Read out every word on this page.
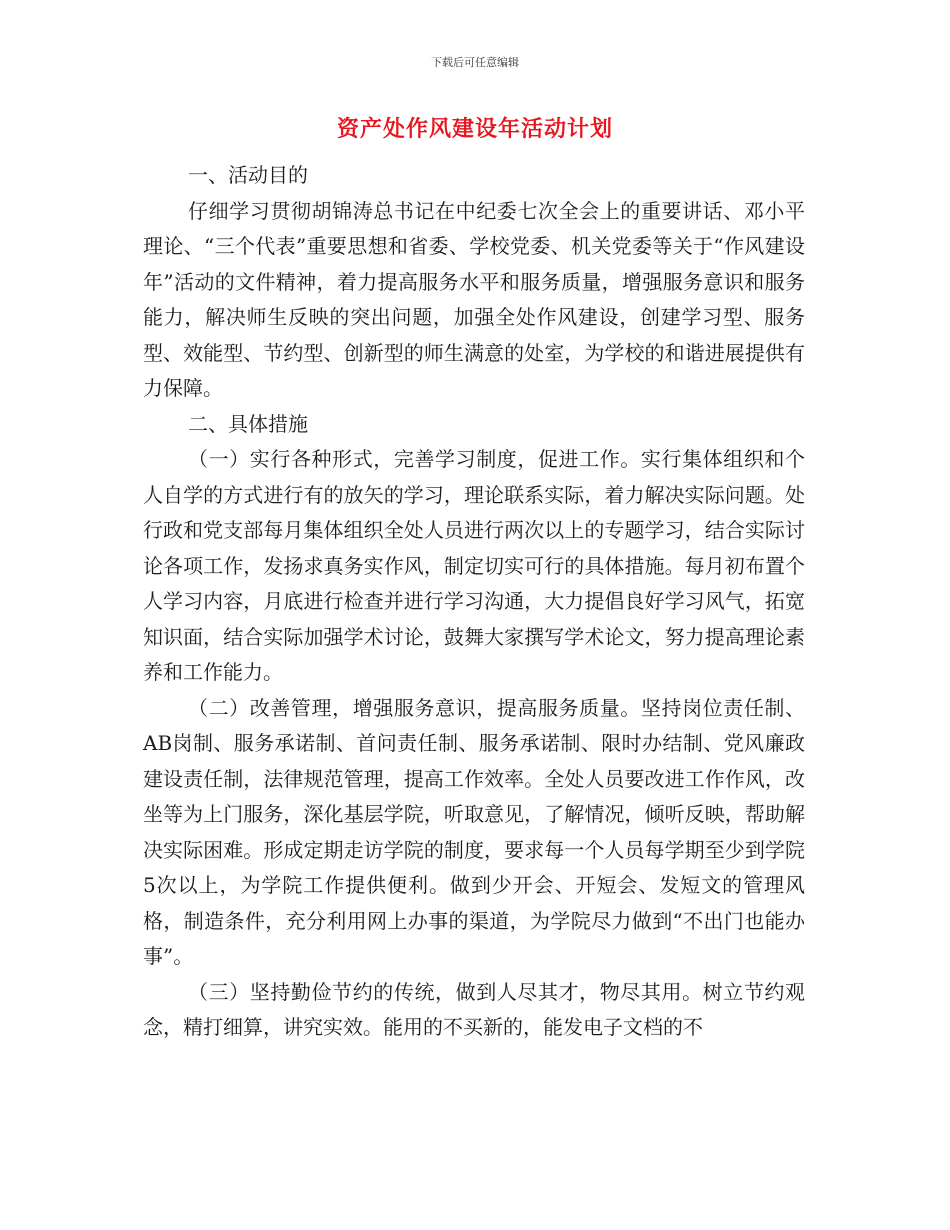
下载后可任意编辑
资产处作风建设年活动计划

一、活动目的

仔细学习贯彻胡锦涛总书记在中纪委七次全会上的重要讲话、邓小平理论、“三个代表”重要思想和省委、学校党委、机关党委等关于“作风建设年”活动的文件精神，着力提高服务水平和服务质量，增强服务意识和服务能力，解决师生反映的突出问题，加强全处作风建设，创建学习型、服务型、效能型、节约型、创新型的师生满意的处室，为学校的和谐进展提供有力保障。

二、具体措施

（一）实行各种形式，完善学习制度，促进工作。实行集体组织和个人自学的方式进行有的放矢的学习，理论联系实际，着力解决实际问题。处行政和党支部每月集体组织全处人员进行两次以上的专题学习，结合实际讨论各项工作，发扬求真务实作风，制定切实可行的具体措施。每月初布置个人学习内容，月底进行检查并进行学习沟通，大力提倡良好学习风气，拓宽知识面，结合实际加强学术讨论，鼓舞大家撰写学术论文，努力提高理论素养和工作能力。

（二）改善管理，增强服务意识，提高服务质量。坚持岗位责任制、AB岗制、服务承诺制、首问责任制、服务承诺制、限时办结制、党风廉政建设责任制，法律规范管理，提高工作效率。全处人员要改进工作作风，改坐等为上门服务，深化基层学院，听取意见，了解情况，倾听反映，帮助解决实际困难。形成定期走访学院的制度，要求每一个人员每学期至少到学院5次以上，为学院工作提供便利。做到少开会、开短会、发短文的管理风格，制造条件，充分利用网上办事的渠道，为学院尽力做到“不出门也能办事”。

（三）坚持勤俭节约的传统，做到人尽其才，物尽其用。树立节约观念，精打细算，讲究实效。能用的不买新的，能发电子文档的不
